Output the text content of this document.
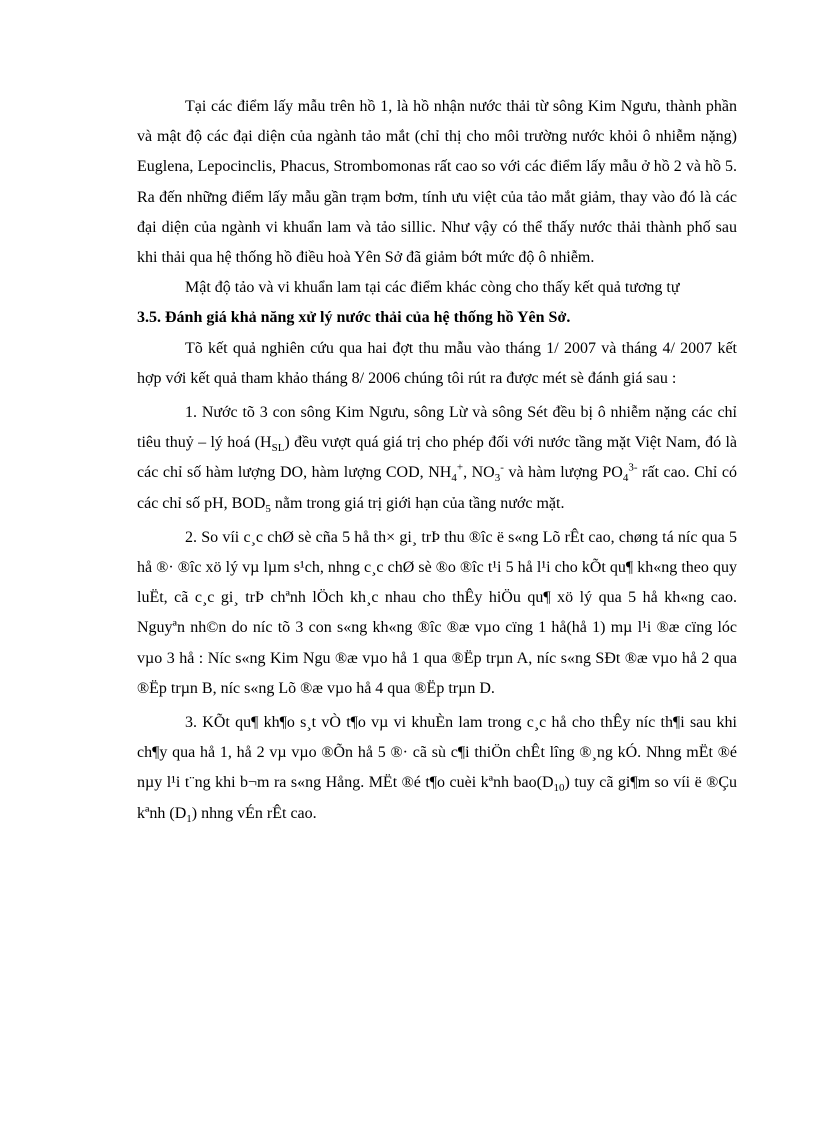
Tại các điểm lấy mẫu trên hồ 1, là hồ nhận nước thải từ sông Kim Ngưu, thành phần và mật độ các đại diện của ngành tảo mắt (chỉ thị cho môi trường nước khỏi ô nhiễm nặng) Euglena, Lepocinclis, Phacus, Strombomonas rất cao so với các điểm lấy mẫu ở hồ 2 và hồ 5. Ra đến những điểm lấy mẫu gần trạm bơm, tính ưu việt của tảo mắt giảm, thay vào đó là các đại diện của ngành vi khuẩn lam và tảo sillic. Như vậy có thể thấy nước thải thành phố sau khi thải qua hệ thống hồ điều hoà Yên Sở đã giảm bớt mức độ ô nhiễm.

Mật độ tảo và vi khuẩn lam tại các điểm khác còng cho thấy kết quả tương tự

3.5. Đánh giá khả năng xử lý nước thải của hệ thống hồ Yên Sở.

Tõ kết quả nghiên cứu qua hai đợt thu mẫu vào tháng 1/ 2007 và tháng 4/ 2007 kết hợp với kết quả tham khảo tháng 8/ 2006 chúng tôi rút ra được mét sè đánh giá sau :

1. Nước tõ 3 con sông Kim Ngưu, sông Lừ và sông Sét đều bị ô nhiễm nặng các chỉ tiêu thuỷ – lý hoá $(H_{SL})$ đều vượt quá giá trị cho phép đối với nước tầng mặt Việt Nam, đó là các chỉ số hàm lượng DO, hàm lượng COD, $NH_4^+$, $NO_3^-$ và hàm lượng $PO_4^{3-}$ rất cao. Chỉ có các chỉ số pH, $BOD_5$ nằm trong giá trị giới hạn của tầng nước mặt.

2. So víi c¸c chØ sè cña 5 hå th× gi¸ trÞ thu ®îc ë s«ng Lõ rÊt cao, chøng tá níc qua 5 hå ®· ®îc xö lý vµ lµm s¹ch, nhng c¸c chØ sè ®o ®îc t¹i 5 hå l¹i cho kÕt qu¶ kh«ng theo quy luËt, cã c¸c gi¸ trÞ chªnh lÖch kh¸c nhau cho thÊy hiÖu qu¶ xö lý qua 5 hå kh«ng cao. Nguyªn nh©n do níc tõ 3 con s«ng kh«ng ®îc ®æ vµo cïng 1 hå(hå 1) mµ l¹i ®æ cïng lóc vµo 3 hå : Níc s«ng Kim Ngu ®æ vµo hå 1 qua ®Ëp trµn A, níc s«ng SÐt ®æ vµo hå 2 qua ®Ëp trµn B, níc s«ng Lõ ®æ vµo hå 4 qua ®Ëp trµn D.

3. KÕt qu¶ kh¶o s¸t vÒ t¶o vµ vi khuÈn lam trong c¸c hå cho thÊy níc th¶i sau khi ch¶y qua hå 1, hå 2 vµ vµo ®Õn hå 5 ®· cã sù c¶i thiÖn chÊt lîng ®¸ng kÓ. Nhng mËt ®é nµy l¹i t¨ng khi b¬m ra s«ng Hång. MËt ®é t¶o cuèi kªnh $bao(D_{10})$ tuy cã gi¶m so víi ë ®Çu kªnh $(D_1)$ nhng vÉn rÊt cao.
